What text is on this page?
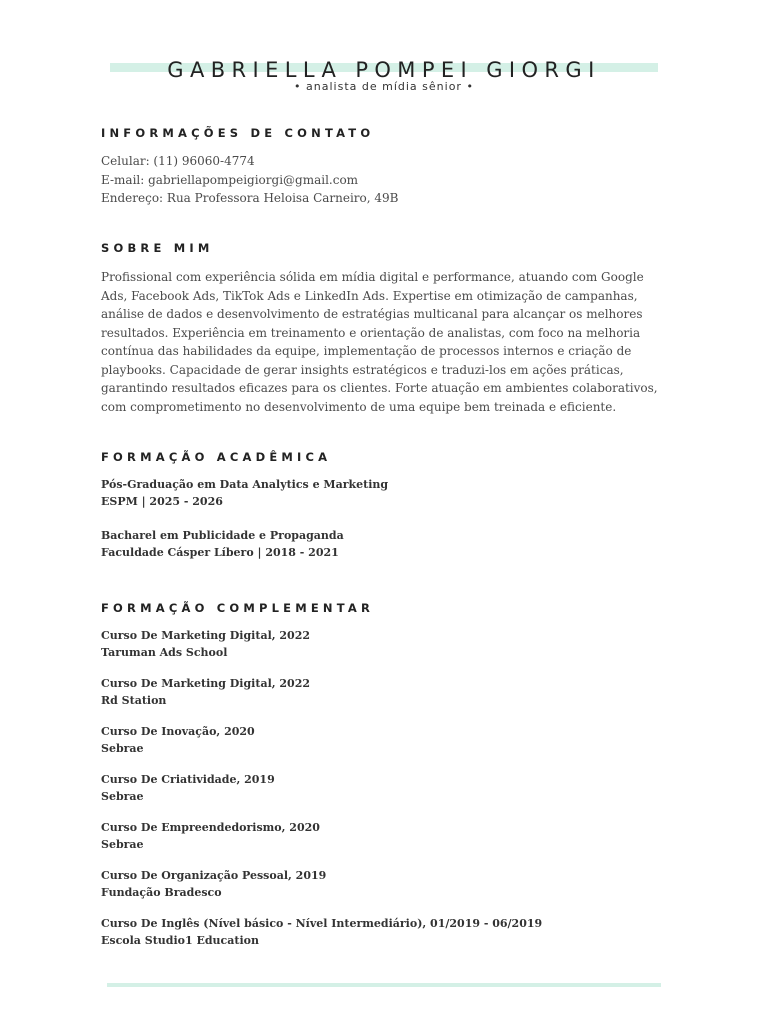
GABRIELLA POMPEI GIORGI
• analista de mídia sênior •
INFORMAÇÕES DE CONTATO
Celular: (11) 96060-4774
E-mail: gabriellapompeigiorgi@gmail.com
Endereço: Rua Professora Heloisa Carneiro, 49B
SOBRE MIM
Profissional com experiência sólida em mídia digital e performance, atuando com Google
Ads, Facebook Ads, TikTok Ads e LinkedIn Ads. Expertise em otimização de campanhas,
análise de dados e desenvolvimento de estratégias multicanal para alcançar os melhores
resultados. Experiência em treinamento e orientação de analistas, com foco na melhoria
contínua das habilidades da equipe, implementação de processos internos e criação de
playbooks. Capacidade de gerar insights estratégicos e traduzi-los em ações práticas,
garantindo resultados eficazes para os clientes. Forte atuação em ambientes colaborativos,
com comprometimento no desenvolvimento de uma equipe bem treinada e eficiente.
FORMAÇÃO ACADÊMICA
Pós-Graduação em Data Analytics e Marketing
ESPM | 2025 - 2026
Bacharel em Publicidade e Propaganda
Faculdade Cásper Líbero | 2018 - 2021
FORMAÇÃO COMPLEMENTAR
Curso De Marketing Digital, 2022
Taruman Ads School
Curso De Marketing Digital, 2022
Rd Station
Curso De Inovação, 2020
Sebrae
Curso De Criatividade, 2019
Sebrae
Curso De Empreendedorismo, 2020
Sebrae
Curso De Organização Pessoal, 2019
Fundação Bradesco
Curso De Inglês (Nível básico - Nível Intermediário), 01/2019 - 06/2019
Escola Studio1 Education
